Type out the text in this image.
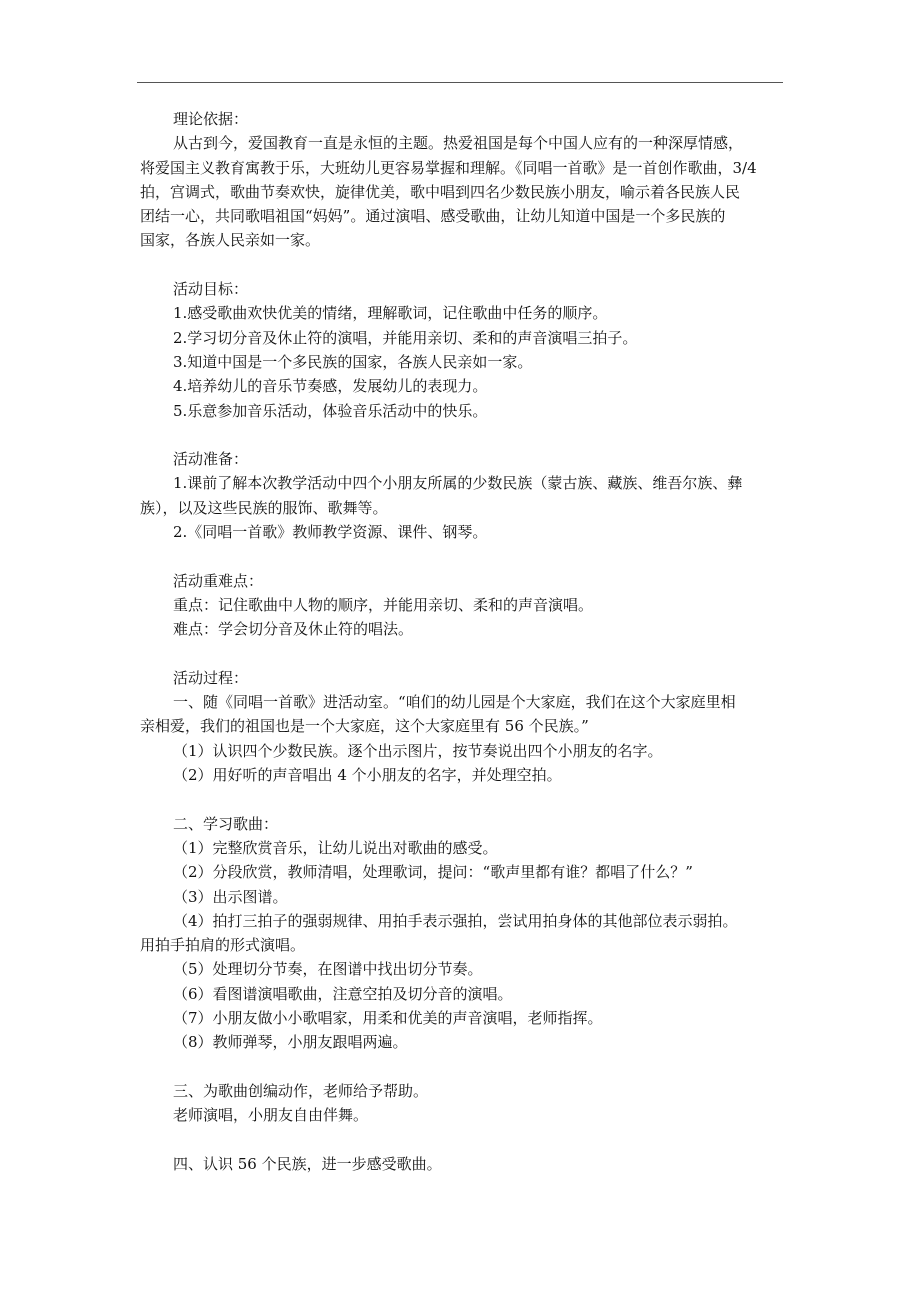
理论依据：

从古到今，爱国教育一直是永恒的主题。热爱祖国是每个中国人应有的一种深厚情感，

将爱国主义教育寓教于乐，大班幼儿更容易掌握和理解。《同唱一首歌》是一首创作歌曲，3/4

拍，宫调式，歌曲节奏欢快，旋律优美，歌中唱到四名少数民族小朋友，喻示着各民族人民

团结一心，共同歌唱祖国“妈妈”。通过演唱、感受歌曲，让幼儿知道中国是一个多民族的

国家，各族人民亲如一家。

活动目标：

1.感受歌曲欢快优美的情绪，理解歌词，记住歌曲中任务的顺序。

2.学习切分音及休止符的演唱，并能用亲切、柔和的声音演唱三拍子。

3.知道中国是一个多民族的国家，各族人民亲如一家。

4.培养幼儿的音乐节奏感，发展幼儿的表现力。

5.乐意参加音乐活动，体验音乐活动中的快乐。

活动准备：

1.课前了解本次教学活动中四个小朋友所属的少数民族（蒙古族、藏族、维吾尔族、彝

族），以及这些民族的服饰、歌舞等。

2.《同唱一首歌》教师教学资源、课件、钢琴。

活动重难点：

重点：记住歌曲中人物的顺序，并能用亲切、柔和的声音演唱。

难点：学会切分音及休止符的唱法。

活动过程：

一、随《同唱一首歌》进活动室。“咱们的幼儿园是个大家庭，我们在这个大家庭里相

亲相爱，我们的祖国也是一个大家庭，这个大家庭里有 56 个民族。”

（1）认识四个少数民族。逐个出示图片，按节奏说出四个小朋友的名字。

（2）用好听的声音唱出 4 个小朋友的名字，并处理空拍。

二、学习歌曲：

（1）完整欣赏音乐，让幼儿说出对歌曲的感受。

（2）分段欣赏，教师清唱，处理歌词，提问：“歌声里都有谁？都唱了什么？”

（3）出示图谱。

（4）拍打三拍子的强弱规律、用拍手表示强拍，尝试用拍身体的其他部位表示弱拍。

用拍手拍肩的形式演唱。

（5）处理切分节奏，在图谱中找出切分节奏。

（6）看图谱演唱歌曲，注意空拍及切分音的演唱。

（7）小朋友做小小歌唱家，用柔和优美的声音演唱，老师指挥。

（8）教师弹琴，小朋友跟唱两遍。

三、为歌曲创编动作，老师给予帮助。

老师演唱，小朋友自由伴舞。

四、认识 56 个民族，进一步感受歌曲。
